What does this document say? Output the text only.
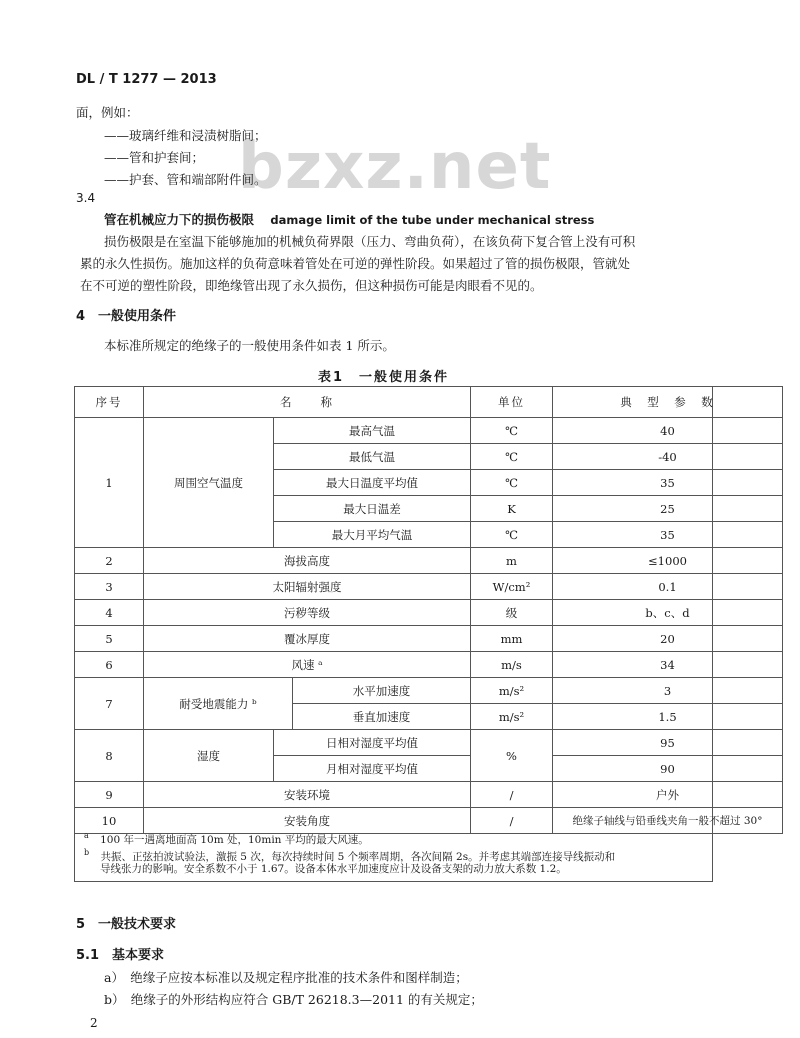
DL / T 1277 — 2013
bzxz.net
面，例如：
——玻璃纤维和浸渍树脂间；
——管和护套间；
——护套、管和端部附件间。
3.4
管在机械应力下的损伤极限 damage limit of the tube under mechanical stress
损伤极限是在室温下能够施加的机械负荷界限（压力、弯曲负荷），在该负荷下复合管上没有可积
累的永久性损伤。施加这样的负荷意味着管处在可逆的弹性阶段。如果超过了管的损伤极限，管就处
在不可逆的塑性阶段，即绝缘管出现了永久损伤，但这种损伤可能是肉眼看不见的。
4　一般使用条件
本标准所规定的绝缘子的一般使用条件如表 1 所示。
表1　一般使用条件
序号	名　　称			单位	典　型　参　数
1	周围空气温度	最高气温		℃	40
		最低气温		℃	-40
		最大日温度平均值		℃	35
		最大日温差		K	25
		最大月平均气温		℃	35
2	海拔高度			m	≤1000
3	太阳辐射强度			W/cm²	0.1
4	污秽等级			级	b、c、d
5	覆冰厚度			mm	20
6	风速 ᵃ			m/s	34
7	耐受地震能力 ᵇ		水平加速度	m/s²	3
			垂直加速度	m/s²	1.5
8	湿度	日相对湿度平均值		%	95
		月相对湿度平均值			90
9	安装环境			/	户外
10	安装角度			/	绝缘子轴线与铅垂线夹角一般不超过 30°
$^a$ 100 年一遇离地面高 10m 处，10min 平均的最大风速。
$^b$ 共振、正弦拍波试验法，激振 5 次，每次持续时间 5 个频率周期，各次间隔 2s。并考虑其端部连接导线振动和
导线张力的影响。安全系数不小于 1.67。设备本体水平加速度应计及设备支架的动力放大系数 1.2。
5　一般技术要求
5.1　基本要求
a）　绝缘子应按本标准以及规定程序批准的技术条件和图样制造；
b）　绝缘子的外形结构应符合 GB/T 26218.3—2011 的有关规定；
2
